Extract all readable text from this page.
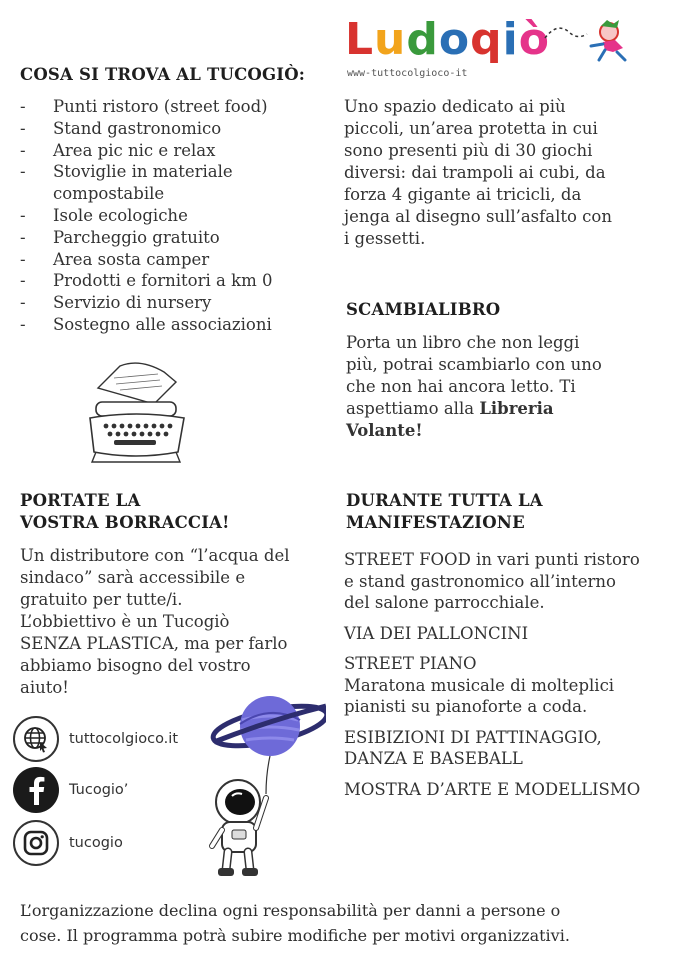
Ludoqiò
www-tuttocolgioco-it
COSA SI TROVA AL TUCOGIÒ:
- Punti ristoro (street food)
- Stand gastronomico
- Area pic nic e relax
- Stoviglie in materiale
compostabile
- Isole ecologiche
- Parcheggio gratuito
- Area sosta camper
- Prodotti e fornitori a km 0
- Servizio di nursery
- Sostegno alle associazioni
Uno spazio dedicato ai più
piccoli, un’area protetta in cui
sono presenti più di 30 giochi
diversi: dai trampoli ai cubi, da
forza 4 gigante ai tricicli, da
jenga al disegno sull’asfalto con
i gessetti.
SCAMBIALIBRO
Porta un libro che non leggi
più, potrai scambiarlo con uno
che non hai ancora letto. Ti
aspettiamo alla Libreria
Volante!
PORTATE LA
VOSTRA BORRACCIA!
Un distributore con “l’acqua del
sindaco” sarà accessibile e
gratuito per tutte/i.
L’obbiettivo è un Tucogiò
SENZA PLASTICA, ma per farlo
abbiamo bisogno del vostro
aiuto!
DURANTE TUTTA LA
MANIFESTAZIONE
STREET FOOD in vari punti ristoro
e stand gastronomico all’interno
del salone parrocchiale.
VIA DEI PALLONCINI
STREET PIANO
Maratona musicale di molteplici
pianisti su pianoforte a coda.
ESIBIZIONI DI PATTINAGGIO,
DANZA E BASEBALL
MOSTRA D’ARTE E MODELLISMO
tuttocolgioco.it
Tucogio’
tucogio
L’organizzazione declina ogni responsabilità per danni a persone o
cose. Il programma potrà subire modifiche per motivi organizzativi.
